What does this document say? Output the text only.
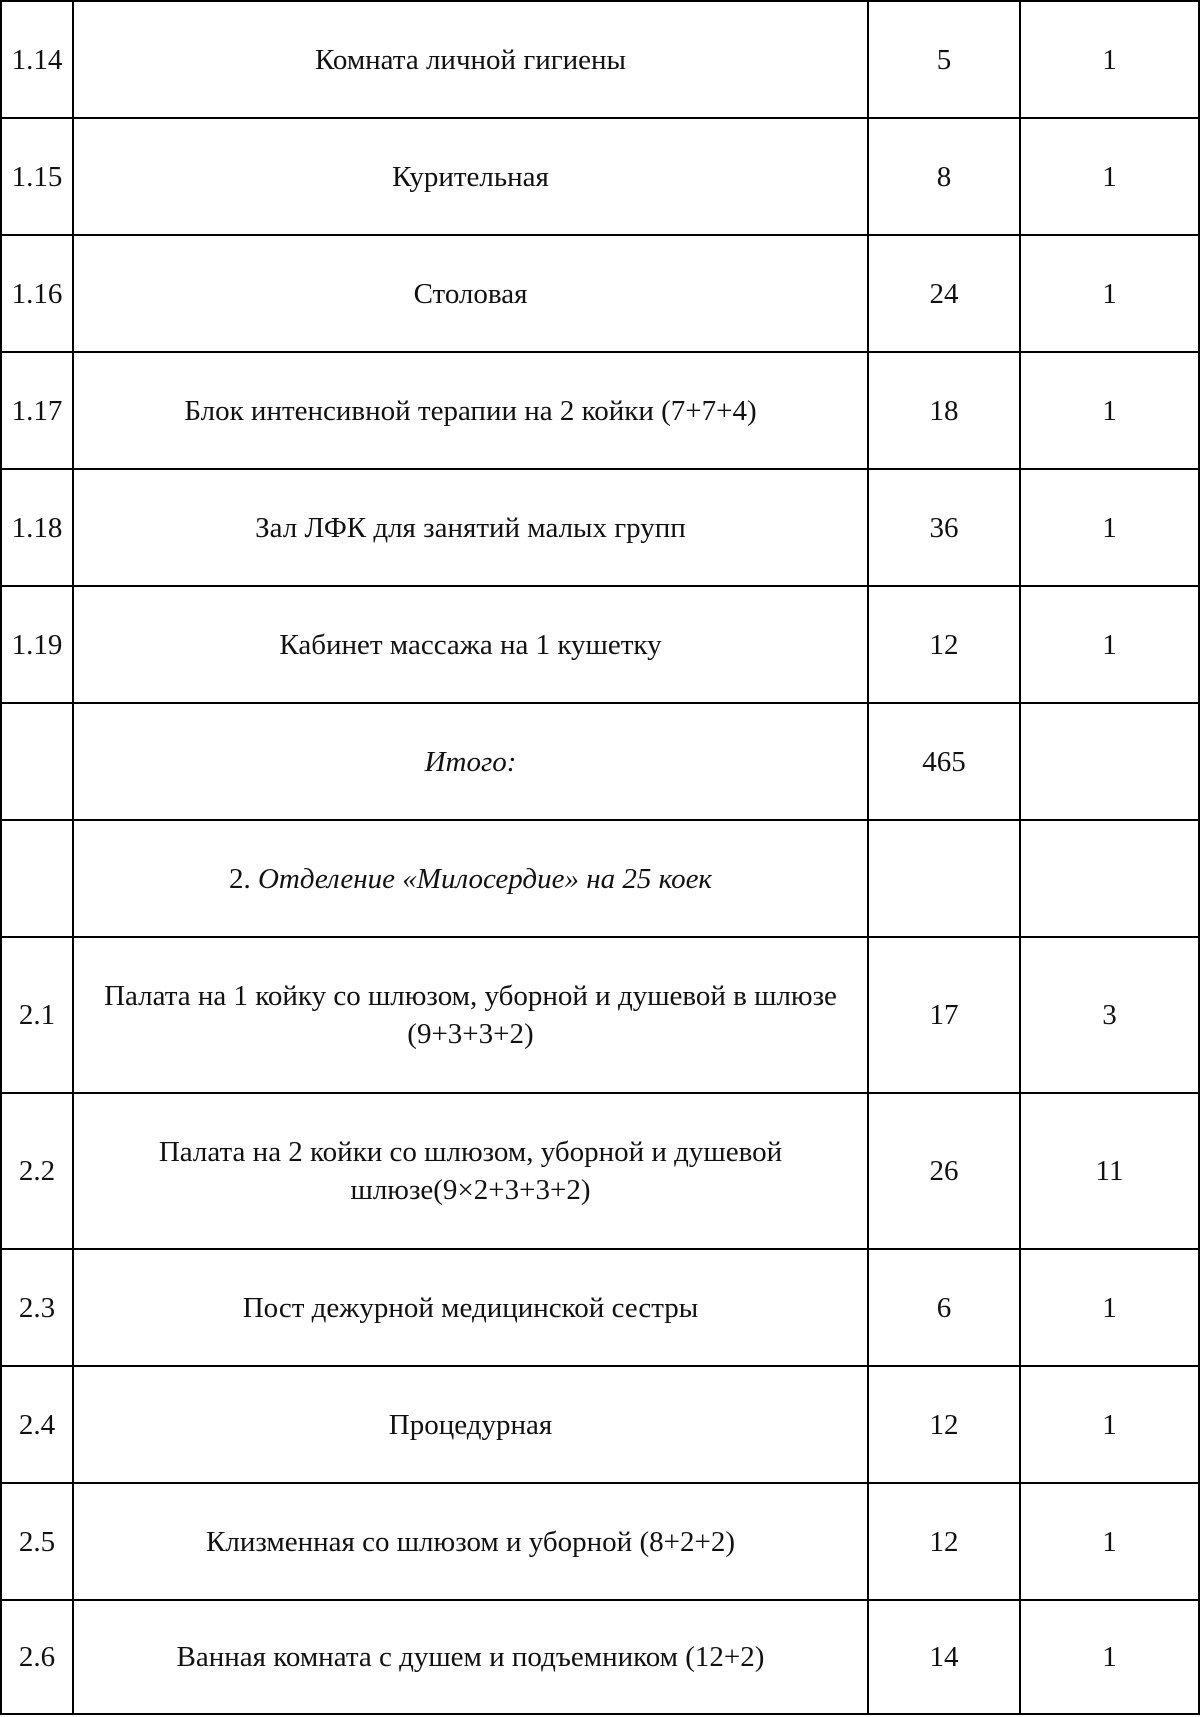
1.14	Комната личной гигиены	5	1
1.15	Курительная	8	1
1.16	Столовая	24	1
1.17	Блок интенсивной терапии на 2 койки (7+7+4)	18	1
1.18	Зал ЛФК для занятий малых групп	36	1
1.19	Кабинет массажа на 1 кушетку	12	1
	Итого:	465	
	2. Отделение «Милосердие» на 25 коек		
2.1	Палата на 1 койку со шлюзом, уборной и душевой в шлюзе (9+3+3+2)	17	3
2.2	Палата на 2 койки со шлюзом, уборной и душевой шлюзе(9×2+3+3+2)	26	11
2.3	Пост дежурной медицинской сестры	6	1
2.4	Процедурная	12	1
2.5	Клизменная со шлюзом и уборной (8+2+2)	12	1
2.6	Ванная комната с душем и подъемником (12+2)	14	1
